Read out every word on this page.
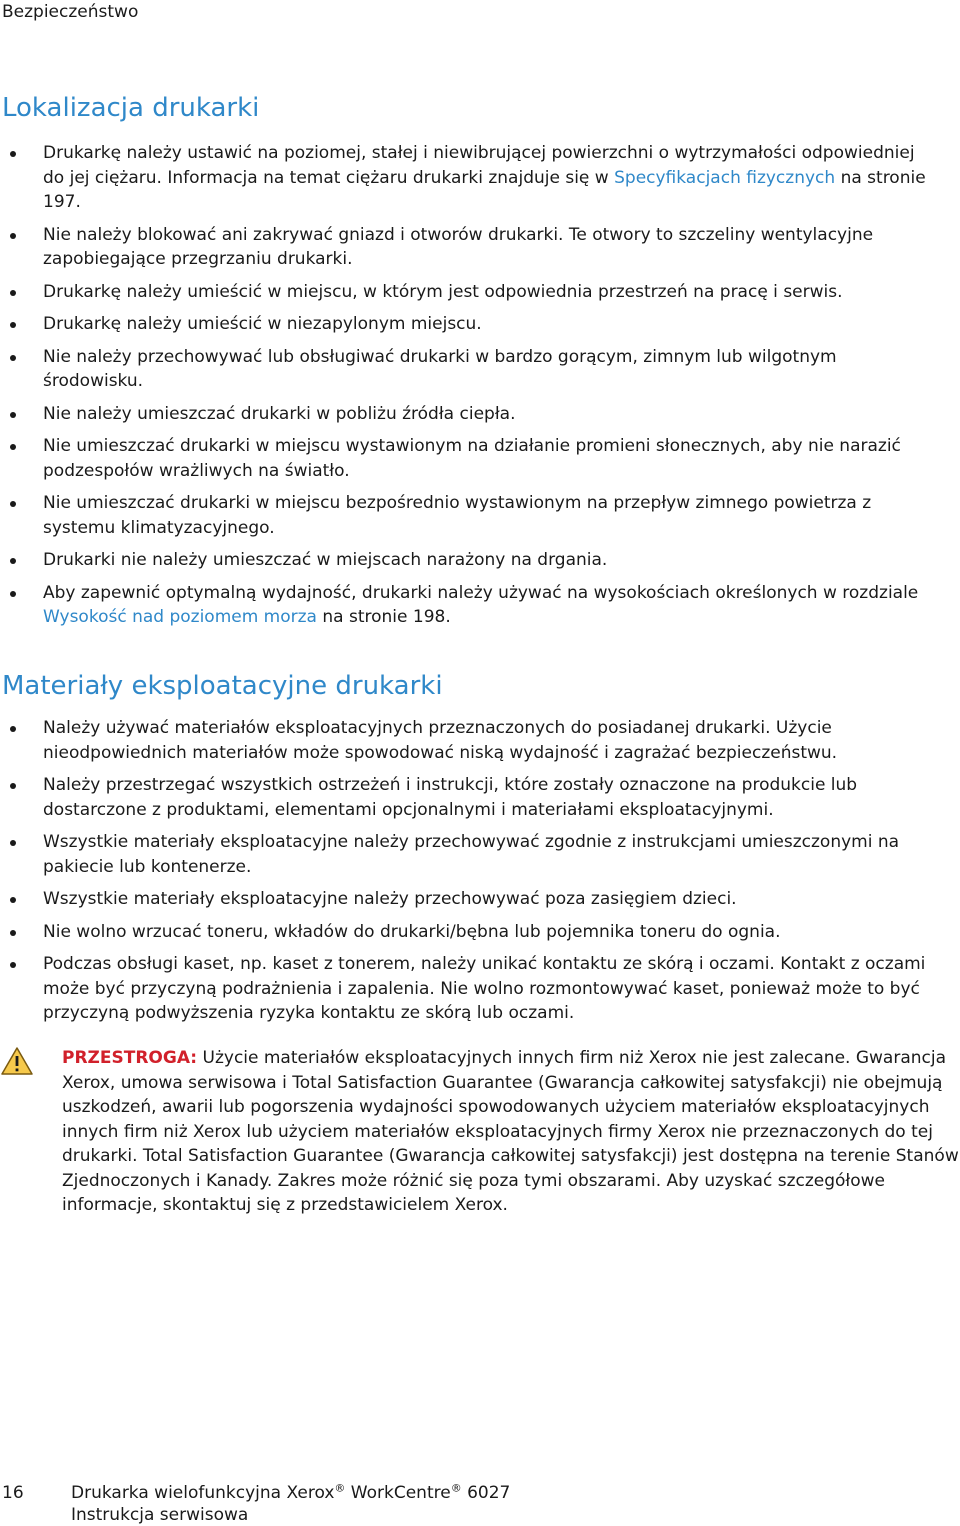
Bezpieczeństwo
Lokalizacja drukarki
Drukarkę należy ustawić na poziomej, stałej i niewibrującej powierzchni o wytrzymałości odpowiedniej do jej ciężaru. Informacja na temat ciężaru drukarki znajduje się w Specyfikacjach fizycznych na stronie 197.
Nie należy blokować ani zakrywać gniazd i otworów drukarki. Te otwory to szczeliny wentylacyjne zapobiegające przegrzaniu drukarki.
Drukarkę należy umieścić w miejscu, w którym jest odpowiednia przestrzeń na pracę i serwis.
Drukarkę należy umieścić w niezapylonym miejscu.
Nie należy przechowywać lub obsługiwać drukarki w bardzo gorącym, zimnym lub wilgotnym środowisku.
Nie należy umieszczać drukarki w pobliżu źródła ciepła.
Nie umieszczać drukarki w miejscu wystawionym na działanie promieni słonecznych, aby nie narazić podzespołów wrażliwych na światło.
Nie umieszczać drukarki w miejscu bezpośrednio wystawionym na przepływ zimnego powietrza z systemu klimatyzacyjnego.
Drukarki nie należy umieszczać w miejscach narażony na drgania.
Aby zapewnić optymalną wydajność, drukarki należy używać na wysokościach określonych w rozdziale Wysokość nad poziomem morza na stronie 198.
Materiały eksploatacyjne drukarki
Należy używać materiałów eksploatacyjnych przeznaczonych do posiadanej drukarki. Użycie nieodpowiednich materiałów może spowodować niską wydajność i zagrażać bezpieczeństwu.
Należy przestrzegać wszystkich ostrzeżeń i instrukcji, które zostały oznaczone na produkcie lub dostarczone z produktami, elementami opcjonalnymi i materiałami eksploatacyjnymi.
Wszystkie materiały eksploatacyjne należy przechowywać zgodnie z instrukcjami umieszczonymi na pakiecie lub kontenerze.
Wszystkie materiały eksploatacyjne należy przechowywać poza zasięgiem dzieci.
Nie wolno wrzucać toneru, wkładów do drukarki/bębna lub pojemnika toneru do ognia.
Podczas obsługi kaset, np. kaset z tonerem, należy unikać kontaktu ze skórą i oczami. Kontakt z oczami może być przyczyną podrażnienia i zapalenia. Nie wolno rozmontowywać kaset, ponieważ może to być przyczyną podwyższenia ryzyka kontaktu ze skórą lub oczami.
PRZESTROGA: Użycie materiałów eksploatacyjnych innych firm niż Xerox nie jest zalecane. Gwarancja Xerox, umowa serwisowa i Total Satisfaction Guarantee (Gwarancja całkowitej satysfakcji) nie obejmują uszkodzeń, awarii lub pogorszenia wydajności spowodowanych użyciem materiałów eksploatacyjnych innych firm niż Xerox lub użyciem materiałów eksploatacyjnych firmy Xerox nie przeznaczonych do tej drukarki. Total Satisfaction Guarantee (Gwarancja całkowitej satysfakcji) jest dostępna na terenie Stanów Zjednoczonych i Kanady. Zakres może różnić się poza tymi obszarami. Aby uzyskać szczegółowe informacje, skontaktuj się z przedstawicielem Xerox.
16	Drukarka wielofunkcyjna Xerox® WorkCentre® 6027
Instrukcja serwisowa
